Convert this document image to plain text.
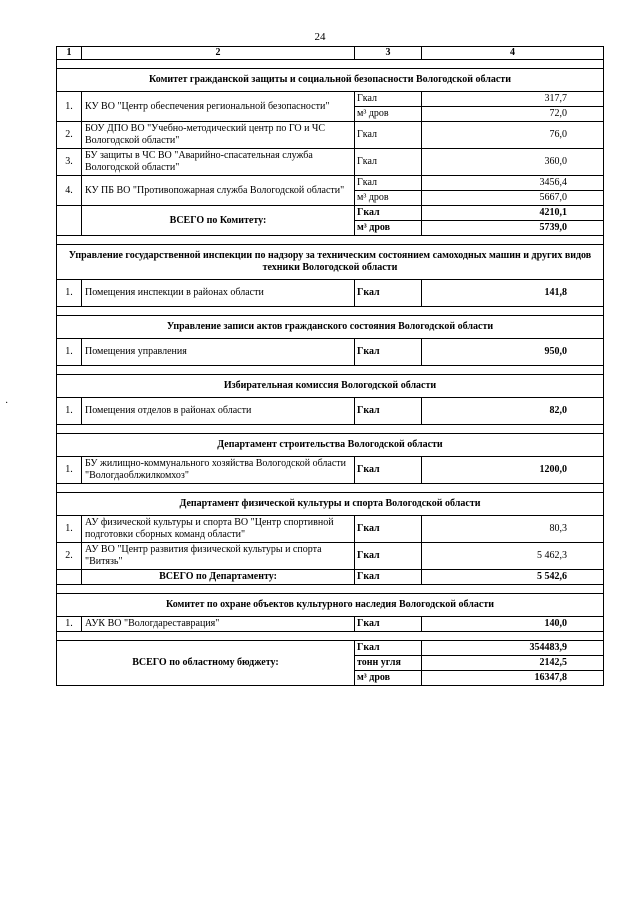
24
·
1	2	3	4

Комитет гражданской защиты и социальной безопасности Вологодской области			
1.	КУ ВО "Центр обеспечения региональной безопасности"	Гкал	317,7
		м³ дров	72,0
2.	БОУ ДПО ВО "Учебно-методический центр по ГО и ЧС Вологодской области"	Гкал	76,0
3.	БУ защиты в ЧС ВО "Аварийно-спасательная служба Вологодской области"	Гкал	360,0
4.	КУ ПБ ВО "Противопожарная служба Вологодской области"	Гкал	3456,4
		м³ дров	5667,0
	ВСЕГО по Комитету:	Гкал	4210,1
		м³ дров	5739,0

Управление государственной инспекции по надзору за техническим состоянием самоходных машин и других видов техники Вологодской области			
1.	Помещения инспекции в районах области	Гкал	141,8

Управление записи актов гражданского состояния Вологодской области			
1.	Помещения управления	Гкал	950,0

Избирательная комиссия Вологодской области			
1.	Помещения отделов в районах области	Гкал	82,0

Департамент строительства Вологодской области			
1.	БУ жилищно-коммунального хозяйства Вологодской области "Вологдаоблжилкомхоз"	Гкал	1200,0

Департамент физической культуры и спорта Вологодской области			
1.	АУ физической культуры и спорта ВО "Центр спортивной подготовки сборных команд области"	Гкал	80,3
2.	АУ ВО "Центр развития физической культуры и спорта "Витязь"	Гкал	5 462,3
	ВСЕГО по Департаменту:	Гкал	5 542,6

Комитет по охране объектов культурного наследия Вологодской области			
1.	АУК ВО "Вологдареставрация"	Гкал	140,0

ВСЕГО по областному бюджету:		Гкал	354483,9
		тонн угля	2142,5
		м³ дров	16347,8
